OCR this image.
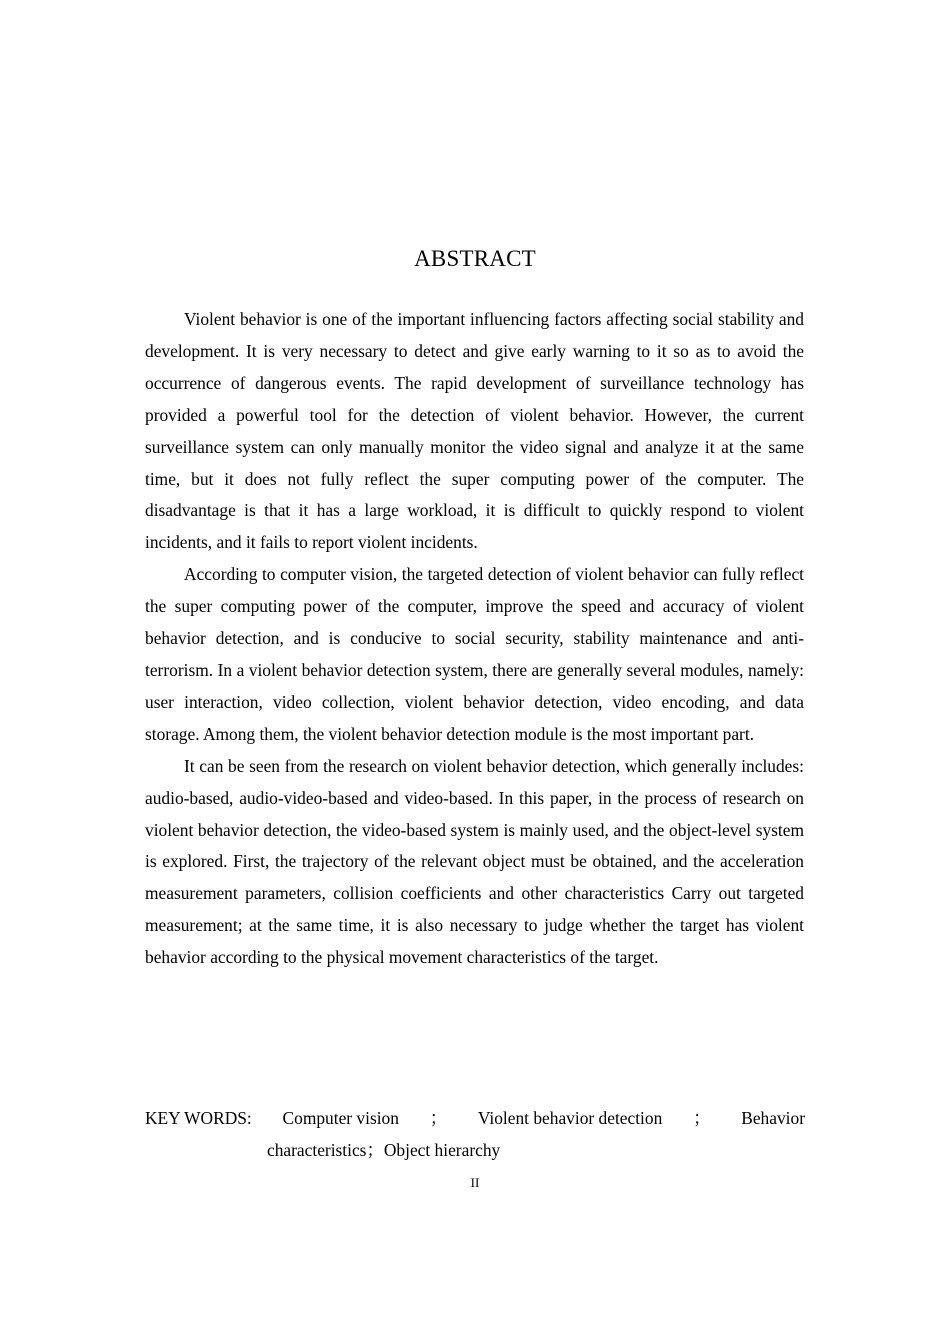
ABSTRACT

Violent behavior is one of the important influencing factors affecting social stability and development. It is very necessary to detect and give early warning to it so as to avoid the occurrence of dangerous events. The rapid development of surveillance technology has provided a powerful tool for the detection of violent behavior. However, the current surveillance system can only manually monitor the video signal and analyze it at the same time, but it does not fully reflect the super computing power of the computer. The disadvantage is that it has a large workload, it is difficult to quickly respond to violent incidents, and it fails to report violent incidents.

According to computer vision, the targeted detection of violent behavior can fully reflect the super computing power of the computer, improve the speed and accuracy of violent behavior detection, and is conducive to social security, stability maintenance and anti-terrorism. In a violent behavior detection system, there are generally several modules, namely: user interaction, video collection, violent behavior detection, video encoding, and data storage. Among them, the violent behavior detection module is the most important part.

It can be seen from the research on violent behavior detection, which generally includes: audio-based, audio-video-based and video-based. In this paper, in the process of research on violent behavior detection, the video-based system is mainly used, and the object-level system is explored. First, the trajectory of the relevant object must be obtained, and the acceleration measurement parameters, collision coefficients and other characteristics Carry out targeted measurement; at the same time, it is also necessary to judge whether the target has violent behavior according to the physical movement characteristics of the target.

KEY WORDS: Computer vision ； Violent behavior detection ； Behavior
characteristics；Object hierarchy
II
